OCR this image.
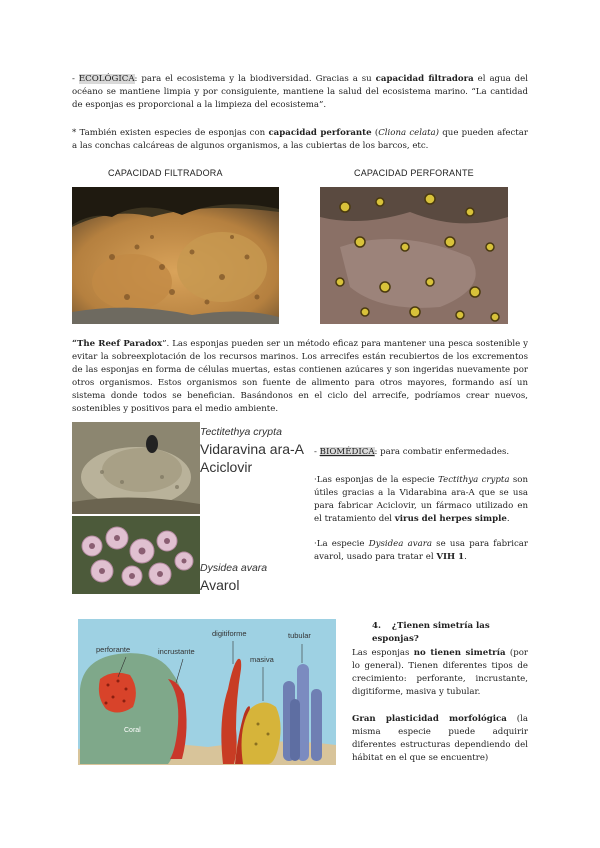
- ECOLÓGICA: para el ecosistema y la biodiversidad. Gracias a su capacidad filtradora el agua del océano se mantiene limpia y por consiguiente, mantiene la salud del ecosistema marino. “La cantidad de esponjas es proporcional a la limpieza del ecosistema”.
* También existen especies de esponjas con capacidad perforante (Cliona celata) que pueden afectar a las conchas calcáreas de algunos organismos, a las cubiertas de los barcos, etc.
CAPACIDAD FILTRADORA	CAPACIDAD PERFORANTE
“The Reef Paradox”. Las esponjas pueden ser un método eficaz para mantener una pesca sostenible y evitar la sobreexplotación de los recursos marinos. Los arrecifes están recubiertos de los excrementos de las esponjas en forma de células muertas, estas contienen azúcares y son ingeridas nuevamente por otros organismos. Estos organismos son fuente de alimento para otros mayores, formando así un sistema donde todos se benefician. Basándonos en el ciclo del arrecife, podríamos crear nuevos, sostenibles y positivos para el medio ambiente.
Tectitethya crypta
Vidaravina ara-A
Aciclovir
Dysidea avara
Avarol
- BIOMÉDICA: para combatir enfermedades.
·Las esponjas de la especie Tectithya crypta son útiles gracias a la Vidarabina ara-A que se usa para fabricar Aciclovir, un fármaco utilizado en el tratamiento del virus del herpes simple.
·La especie Dysidea avara se usa para fabricar avarol, usado para tratar el VIH 1.
perforante	incrustante
digitiforme
masiva
tubular
Coral
4. ¿Tienen simetría las esponjas?
Las esponjas no tienen simetría (por lo general). Tienen diferentes tipos de crecimiento: perforante, incrustante, digitiforme, masiva y tubular.
Gran plasticidad morfológica (la misma especie puede adquirir diferentes estructuras dependiendo del hábitat en el que se encuentre)
